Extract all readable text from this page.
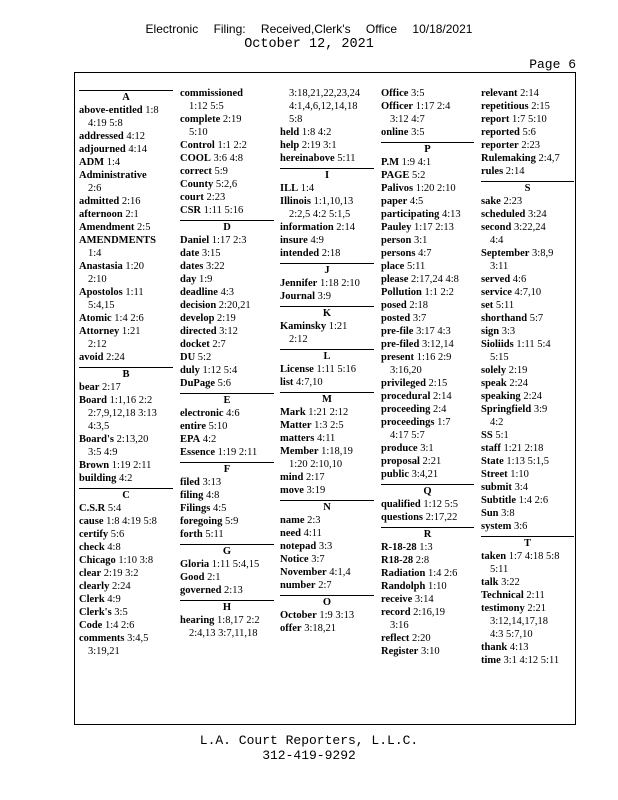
Electronic Filing: Received,Clerk's Office 10/18/2021
October 12, 2021
Page 6
A
above-entitled 1:8
4:19 5:8
addressed 4:12
adjourned 4:14
ADM 1:4
Administrative
2:6
admitted 2:16
afternoon 2:1
Amendment 2:5
AMENDMENTS
1:4
Anastasia 1:20
2:10
Apostolos 1:11
5:4,15
Atomic 1:4 2:6
Attorney 1:21
2:12
avoid 2:24
B
bear 2:17
Board 1:1,16 2:2
2:7,9,12,18 3:13
4:3,5
Board's 2:13,20
3:5 4:9
Brown 1:19 2:11
building 4:2
C
C.S.R 5:4
cause 1:8 4:19 5:8
certify 5:6
check 4:8
Chicago 1:10 3:8
clear 2:19 3:2
clearly 2:24
Clerk 4:9
Clerk's 3:5
Code 1:4 2:6
comments 3:4,5
3:19,21
commissioned
1:12 5:5
complete 2:19
5:10
Control 1:1 2:2
COOL 3:6 4:8
correct 5:9
County 5:2,6
court 2:23
CSR 1:11 5:16
D
Daniel 1:17 2:3
date 3:15
dates 3:22
day 1:9
deadline 4:3
decision 2:20,21
develop 2:19
directed 3:12
docket 2:7
DU 5:2
duly 1:12 5:4
DuPage 5:6
E
electronic 4:6
entire 5:10
EPA 4:2
Essence 1:19 2:11
F
filed 3:13
filing 4:8
Filings 4:5
foregoing 5:9
forth 5:11
G
Gloria 1:11 5:4,15
Good 2:1
governed 2:13
H
hearing 1:8,17 2:2
2:4,13 3:7,11,18
3:18,21,22,23,24
4:1,4,6,12,14,18
5:8
held 1:8 4:2
help 2:19 3:1
hereinabove 5:11
I
ILL 1:4
Illinois 1:1,10,13
2:2,5 4:2 5:1,5
information 2:14
insure 4:9
intended 2:18
J
Jennifer 1:18 2:10
Journal 3:9
K
Kaminsky 1:21
2:12
L
License 1:11 5:16
list 4:7,10
M
Mark 1:21 2:12
Matter 1:3 2:5
matters 4:11
Member 1:18,19
1:20 2:10,10
mind 2:17
move 3:19
N
name 2:3
need 4:11
notepad 3:3
Notice 3:7
November 4:1,4
number 2:7
O
October 1:9 3:13
offer 3:18,21
Office 3:5
Officer 1:17 2:4
3:12 4:7
online 3:5
P
P.M 1:9 4:1
PAGE 5:2
Palivos 1:20 2:10
paper 4:5
participating 4:13
Pauley 1:17 2:13
person 3:1
persons 4:7
place 5:11
please 2:17,24 4:8
Pollution 1:1 2:2
posed 2:18
posted 3:7
pre-file 3:17 4:3
pre-filed 3:12,14
present 1:16 2:9
3:16,20
privileged 2:15
procedural 2:14
proceeding 2:4
proceedings 1:7
4:17 5:7
produce 3:1
proposal 2:21
public 3:4,21
Q
qualified 1:12 5:5
questions 2:17,22
R
R-18-28 1:3
R18-28 2:8
Radiation 1:4 2:6
Randolph 1:10
receive 3:14
record 2:16,19
3:16
reflect 2:20
Register 3:10
relevant 2:14
repetitious 2:15
report 1:7 5:10
reported 5:6
reporter 2:23
Rulemaking 2:4,7
rules 2:14
S
sake 2:23
scheduled 3:24
second 3:22,24
4:4
September 3:8,9
3:11
served 4:6
service 4:7,10
set 5:11
shorthand 5:7
sign 3:3
Sioliids 1:11 5:4
5:15
solely 2:19
speak 2:24
speaking 2:24
Springfield 3:9
4:2
SS 5:1
staff 1:21 2:18
State 1:13 5:1,5
Street 1:10
submit 3:4
Subtitle 1:4 2:6
Sun 3:8
system 3:6
T
taken 1:7 4:18 5:8
5:11
talk 3:22
Technical 2:11
testimony 2:21
3:12,14,17,18
4:3 5:7,10
thank 4:13
time 3:1 4:12 5:11
L.A. Court Reporters, L.L.C.
312-419-9292
